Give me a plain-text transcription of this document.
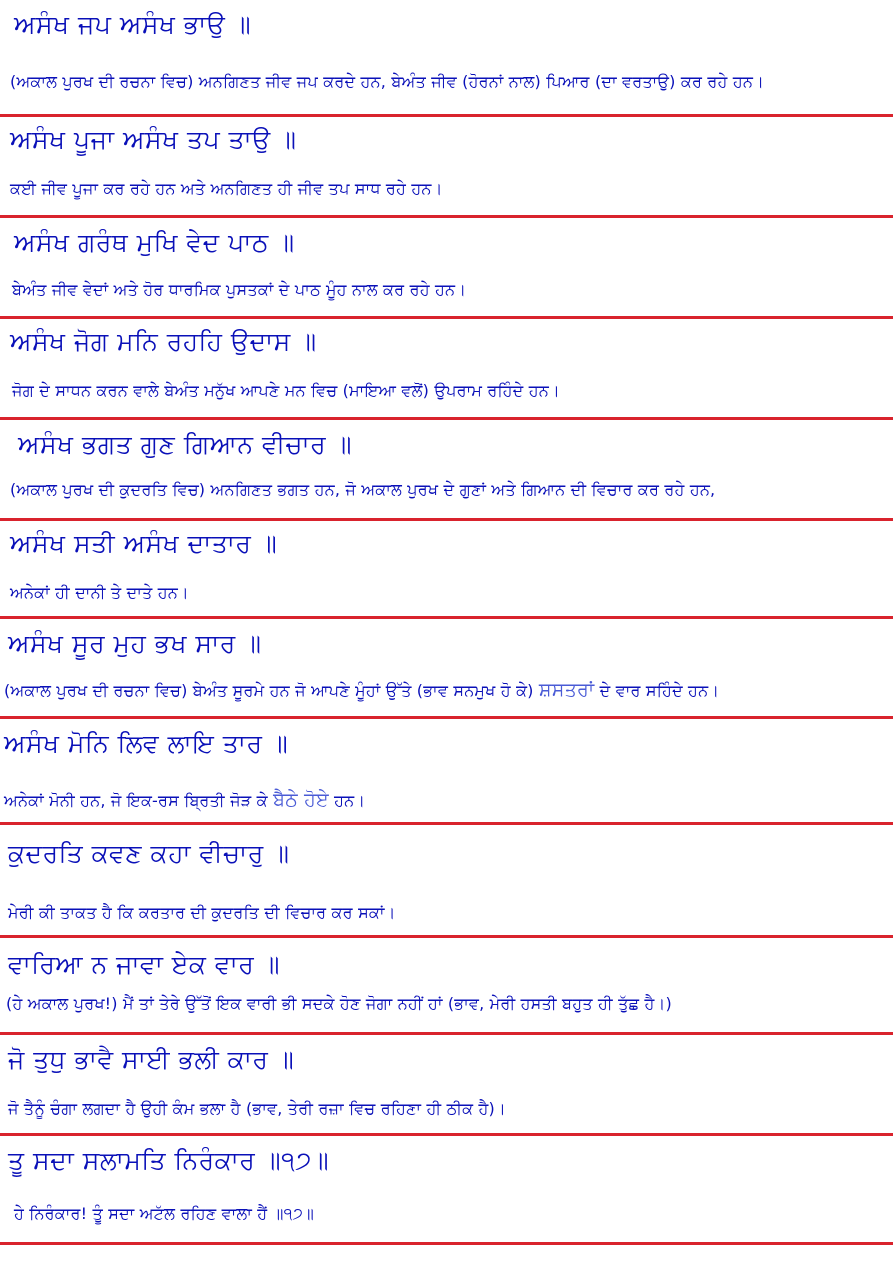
ਅਸੰਖ ਜਪ ਅਸੰਖ ਭਾਉ ॥
(ਅਕਾਲ ਪੁਰਖ ਦੀ ਰਚਨਾ ਵਿਚ) ਅਨਗਿਣਤ ਜੀਵ ਜਪ ਕਰਦੇ ਹਨ, ਬੇਅੰਤ ਜੀਵ (ਹੋਰਨਾਂ ਨਾਲ) ਪਿਆਰ (ਦਾ ਵਰਤਾਉ) ਕਰ ਰਹੇ ਹਨ।
ਅਸੰਖ ਪੂਜਾ ਅਸੰਖ ਤਪ ਤਾਉ ॥
ਕਈ ਜੀਵ ਪੂਜਾ ਕਰ ਰਹੇ ਹਨ ਅਤੇ ਅਨਗਿਣਤ ਹੀ ਜੀਵ ਤਪ ਸਾਧ ਰਹੇ ਹਨ।
ਅਸੰਖ ਗਰੰਥ ਮੁਖਿ ਵੇਦ ਪਾਠ ॥
ਬੇਅੰਤ ਜੀਵ ਵੇਦਾਂ ਅਤੇ ਹੋਰ ਧਾਰਮਿਕ ਪੁਸਤਕਾਂ ਦੇ ਪਾਠ ਮੂੰਹ ਨਾਲ ਕਰ ਰਹੇ ਹਨ।
ਅਸੰਖ ਜੋਗ ਮਨਿ ਰਹਹਿ ਉਦਾਸ ॥
ਜੋਗ ਦੇ ਸਾਧਨ ਕਰਨ ਵਾਲੇ ਬੇਅੰਤ ਮਨੁੱਖ ਆਪਣੇ ਮਨ ਵਿਚ (ਮਾਇਆ ਵਲੋਂ) ਉਪਰਾਮ ਰਹਿੰਦੇ ਹਨ।
ਅਸੰਖ ਭਗਤ ਗੁਣ ਗਿਆਨ ਵੀਚਾਰ ॥
(ਅਕਾਲ ਪੁਰਖ ਦੀ ਕੁਦਰਤਿ ਵਿਚ) ਅਨਗਿਣਤ ਭਗਤ ਹਨ, ਜੋ ਅਕਾਲ ਪੁਰਖ ਦੇ ਗੁਣਾਂ ਅਤੇ ਗਿਆਨ ਦੀ ਵਿਚਾਰ ਕਰ ਰਹੇ ਹਨ,
ਅਸੰਖ ਸਤੀ ਅਸੰਖ ਦਾਤਾਰ ॥
ਅਨੇਕਾਂ ਹੀ ਦਾਨੀ ਤੇ ਦਾਤੇ ਹਨ।
ਅਸੰਖ ਸੂਰ ਮੁਹ ਭਖ ਸਾਰ ॥
(ਅਕਾਲ ਪੁਰਖ ਦੀ ਰਚਨਾ ਵਿਚ) ਬੇਅੰਤ ਸੂਰਮੇ ਹਨ ਜੋ ਆਪਣੇ ਮੂੰਹਾਂ ਉੱਤੇ (ਭਾਵ ਸਨਮੁਖ ਹੋ ਕੇ) ਸ਼ਸਤਰਾਂ ਦੇ ਵਾਰ ਸਹਿੰਦੇ ਹਨ।
ਅਸੰਖ ਮੋਨਿ ਲਿਵ ਲਾਇ ਤਾਰ ॥
ਅਨੇਕਾਂ ਮੋਨੀ ਹਨ, ਜੋ ਇਕ-ਰਸ ਬ੍ਰਿਤੀ ਜੋੜ ਕੇ ਬੈਠੇ ਹੋਏ ਹਨ।
ਕੁਦਰਤਿ ਕਵਣ ਕਹਾ ਵੀਚਾਰੁ ॥
ਮੇਰੀ ਕੀ ਤਾਕਤ ਹੈ ਕਿ ਕਰਤਾਰ ਦੀ ਕੁਦਰਤਿ ਦੀ ਵਿਚਾਰ ਕਰ ਸਕਾਂ।
ਵਾਰਿਆ ਨ ਜਾਵਾ ਏਕ ਵਾਰ ॥
(ਹੇ ਅਕਾਲ ਪੁਰਖ!) ਮੈਂ ਤਾਂ ਤੇਰੇ ਉੱਤੋਂ ਇਕ ਵਾਰੀ ਭੀ ਸਦਕੇ ਹੋਣ ਜੋਗਾ ਨਹੀਂ ਹਾਂ (ਭਾਵ, ਮੇਰੀ ਹਸਤੀ ਬਹੁਤ ਹੀ ਤੁੱਛ ਹੈ।)
ਜੋ ਤੁਧੁ ਭਾਵੈ ਸਾਈ ਭਲੀ ਕਾਰ ॥
ਜੋ ਤੈਨੂੰ ਚੰਗਾ ਲਗਦਾ ਹੈ ਉਹੀ ਕੰਮ ਭਲਾ ਹੈ (ਭਾਵ, ਤੇਰੀ ਰਜ਼ਾ ਵਿਚ ਰਹਿਣਾ ਹੀ ਠੀਕ ਹੈ)।
ਤੂ ਸਦਾ ਸਲਾਮਤਿ ਨਿਰੰਕਾਰ ॥੧੭॥
ਹੇ ਨਿਰੰਕਾਰ! ਤੂੰ ਸਦਾ ਅਟੱਲ ਰਹਿਣ ਵਾਲਾ ਹੈਂ ॥੧੭॥
